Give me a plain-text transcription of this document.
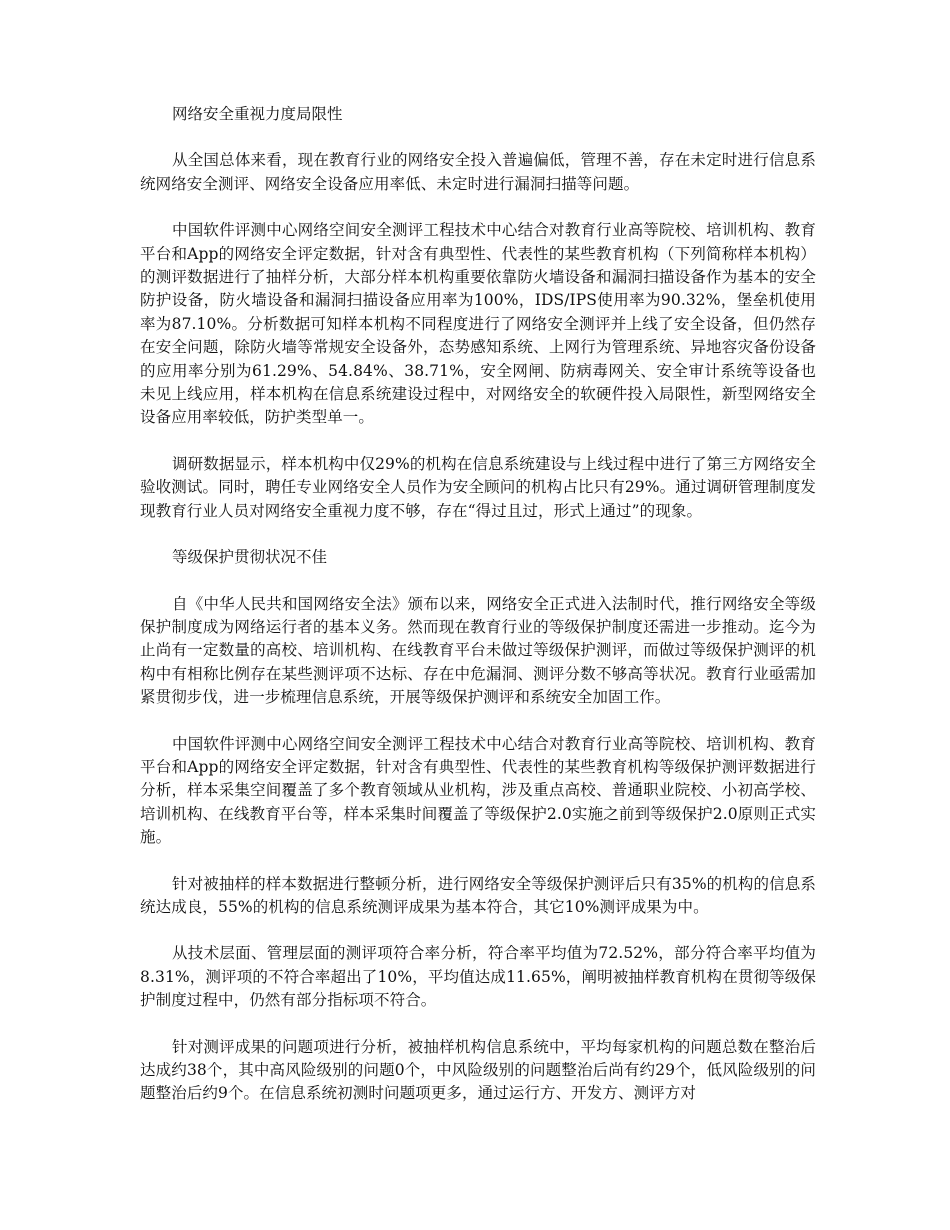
网络安全重视力度局限性

从全国总体来看，现在教育行业的网络安全投入普遍偏低，管理不善，存在未定时进行信息系统网络安全测评、网络安全设备应用率低、未定时进行漏洞扫描等问题。

中国软件评测中心网络空间安全测评工程技术中心结合对教育行业高等院校、培训机构、教育平台和App的网络安全评定数据，针对含有典型性、代表性的某些教育机构（下列简称样本机构）的测评数据进行了抽样分析，大部分样本机构重要依靠防火墙设备和漏洞扫描设备作为基本的安全防护设备，防火墙设备和漏洞扫描设备应用率为100%，IDS/IPS使用率为90.32%，堡垒机使用率为87.10%。分析数据可知样本机构不同程度进行了网络安全测评并上线了安全设备，但仍然存在安全问题，除防火墙等常规安全设备外，态势感知系统、上网行为管理系统、异地容灾备份设备的应用率分别为61.29%、54.84%、38.71%，安全网闸、防病毒网关、安全审计系统等设备也未见上线应用，样本机构在信息系统建设过程中，对网络安全的软硬件投入局限性，新型网络安全设备应用率较低，防护类型单一。

调研数据显示，样本机构中仅29%的机构在信息系统建设与上线过程中进行了第三方网络安全验收测试。同时，聘任专业网络安全人员作为安全顾问的机构占比只有29%。通过调研管理制度发现教育行业人员对网络安全重视力度不够，存在“得过且过，形式上通过”的现象。

等级保护贯彻状况不佳

自《中华人民共和国网络安全法》颁布以来，网络安全正式进入法制时代，推行网络安全等级保护制度成为网络运行者的基本义务。然而现在教育行业的等级保护制度还需进一步推动。迄今为止尚有一定数量的高校、培训机构、在线教育平台未做过等级保护测评，而做过等级保护测评的机构中有相称比例存在某些测评项不达标、存在中危漏洞、测评分数不够高等状况。教育行业亟需加紧贯彻步伐，进一步梳理信息系统，开展等级保护测评和系统安全加固工作。

中国软件评测中心网络空间安全测评工程技术中心结合对教育行业高等院校、培训机构、教育平台和App的网络安全评定数据，针对含有典型性、代表性的某些教育机构等级保护测评数据进行分析，样本采集空间覆盖了多个教育领域从业机构，涉及重点高校、普通职业院校、小初高学校、培训机构、在线教育平台等，样本采集时间覆盖了等级保护2.0实施之前到等级保护2.0原则正式实施。

针对被抽样的样本数据进行整顿分析，进行网络安全等级保护测评后只有35%的机构的信息系统达成良，55%的机构的信息系统测评成果为基本符合，其它10%测评成果为中。

从技术层面、管理层面的测评项符合率分析，符合率平均值为72.52%，部分符合率平均值为8.31%，测评项的不符合率超出了10%，平均值达成11.65%，阐明被抽样教育机构在贯彻等级保护制度过程中，仍然有部分指标项不符合。

针对测评成果的问题项进行分析，被抽样机构信息系统中，平均每家机构的问题总数在整治后达成约38个，其中高风险级别的问题0个，中风险级别的问题整治后尚有约29个，低风险级别的问题整治后约9个。在信息系统初测时问题项更多，通过运行方、开发方、测评方对
